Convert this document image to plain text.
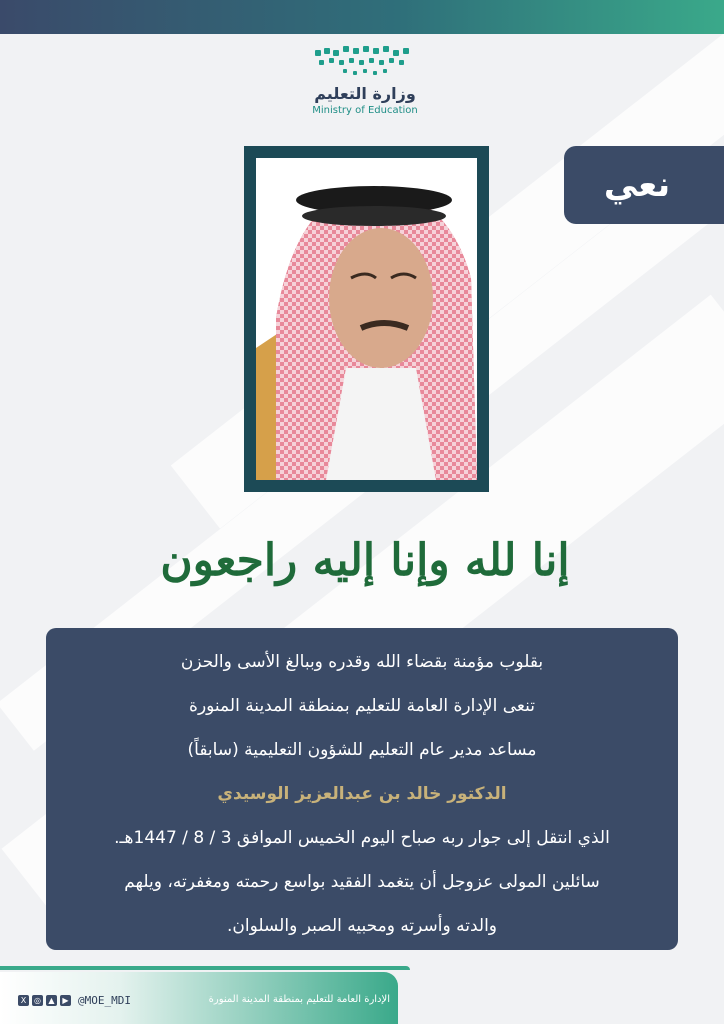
وزارة التعليم
Ministry of Education
نعي
إنا لله وإنا إليه راجعون

بقلوب مؤمنة بقضاء الله وقدره وببالغ الأسى والحزن

تنعى الإدارة العامة للتعليم بمنطقة المدينة المنورة

مساعد مدير عام التعليم للشؤون التعليمية (سابقاً)

الدكتور خالد بن عبدالعزيز الوسيدي

الذي انتقل إلى جوار ربه صباح اليوم الخميس الموافق 3 / 8 / 1447هـ.

سائلين المولى عزوجل أن يتغمد الفقيد بواسع رحمته ومغفرته، ويلهم

والدته وأسرته ومحبيه الصبر والسلوان.

X ◎ ▲ ▶ @MOE_MDI	الإدارة العامة للتعليم بمنطقة المدينة المنورة
